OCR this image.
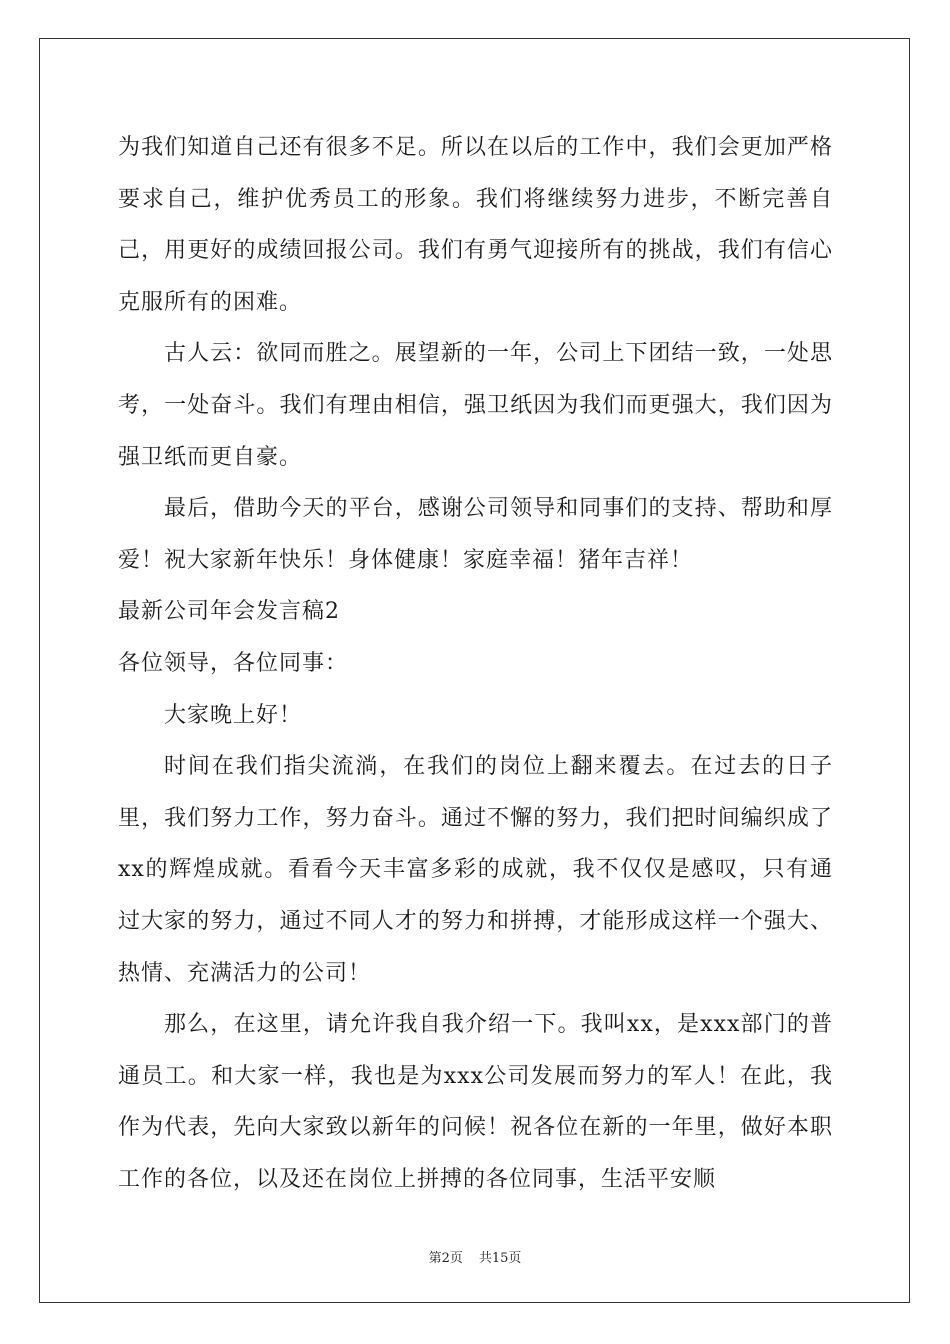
为我们知道自己还有很多不足。所以在以后的工作中，我们会更加严格要求自己，维护优秀员工的形象。我们将继续努力进步，不断完善自己，用更好的成绩回报公司。我们有勇气迎接所有的挑战，我们有信心克服所有的困难。

古人云：欲同而胜之。展望新的一年，公司上下团结一致，一处思考，一处奋斗。我们有理由相信，强卫纸因为我们而更强大，我们因为强卫纸而更自豪。

最后，借助今天的平台，感谢公司领导和同事们的支持、帮助和厚爱！祝大家新年快乐！身体健康！家庭幸福！猪年吉祥！

最新公司年会发言稿2

各位领导，各位同事：

大家晚上好！

时间在我们指尖流淌，在我们的岗位上翻来覆去。在过去的日子里，我们努力工作，努力奋斗。通过不懈的努力，我们把时间编织成了xx的辉煌成就。看看今天丰富多彩的成就，我不仅仅是感叹，只有通过大家的努力，通过不同人才的努力和拼搏，才能形成这样一个强大、热情、充满活力的公司！

那么，在这里，请允许我自我介绍一下。我叫xx，是xxx部门的普通员工。和大家一样，我也是为xxx公司发展而努力的军人！在此，我作为代表，先向大家致以新年的问候！祝各位在新的一年里，做好本职工作的各位，以及还在岗位上拼搏的各位同事，生活平安顺

第2页 共15页
